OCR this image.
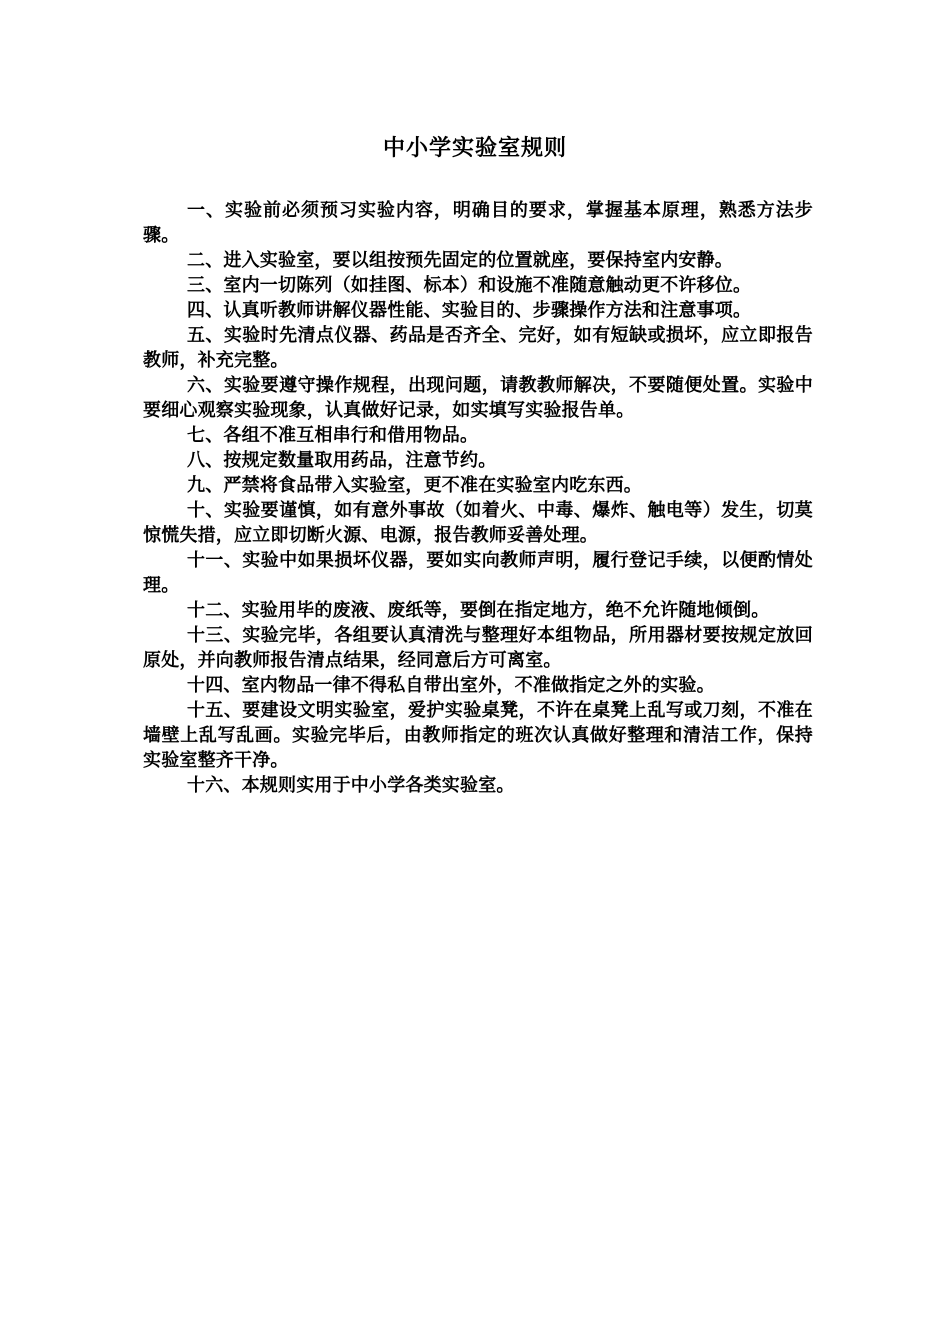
中小学实验室规则

一、实验前必须预习实验内容，明确目的要求，掌握基本原理，熟悉方法步骤。

二、进入实验室，要以组按预先固定的位置就座，要保持室内安静。

三、室内一切陈列（如挂图、标本）和设施不准随意触动更不许移位。

四、认真听教师讲解仪器性能、实验目的、步骤操作方法和注意事项。

五、实验时先清点仪器、药品是否齐全、完好，如有短缺或损坏，应立即报告教师，补充完整。

六、实验要遵守操作规程，出现问题，请教教师解决，不要随便处置。实验中要细心观察实验现象，认真做好记录，如实填写实验报告单。

七、各组不准互相串行和借用物品。

八、按规定数量取用药品，注意节约。

九、严禁将食品带入实验室，更不准在实验室内吃东西。

十、实验要谨慎，如有意外事故（如着火、中毒、爆炸、触电等）发生，切莫惊慌失措，应立即切断火源、电源，报告教师妥善处理。

十一、实验中如果损坏仪器，要如实向教师声明，履行登记手续，以便酌情处理。

十二、实验用毕的废液、废纸等，要倒在指定地方，绝不允许随地倾倒。

十三、实验完毕，各组要认真清洗与整理好本组物品，所用器材要按规定放回原处，并向教师报告清点结果，经同意后方可离室。

十四、室内物品一律不得私自带出室外，不准做指定之外的实验。

十五、要建设文明实验室，爱护实验桌凳，不许在桌凳上乱写或刀刻，不准在墙壁上乱写乱画。实验完毕后，由教师指定的班次认真做好整理和清洁工作，保持实验室整齐干净。

十六、本规则实用于中小学各类实验室。
